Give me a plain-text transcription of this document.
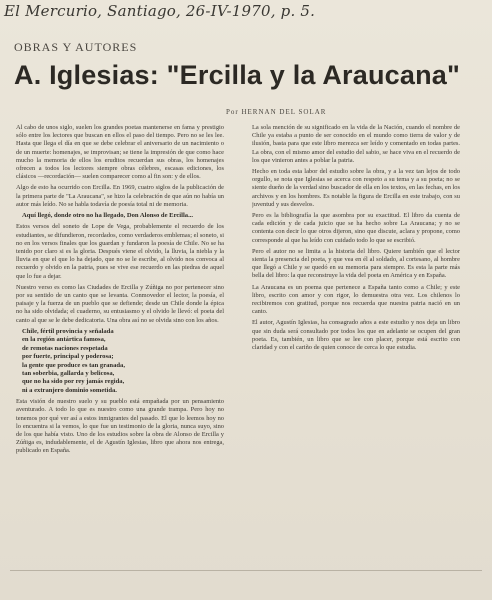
El Mercurio, Santiago, 26-IV-1970, p. 5.
OBRAS Y AUTORES
A. Iglesias: "Ercilla y la Araucana"
Por HERNAN DEL SOLAR

Al cabo de unos siglo, suelen los grandes poetas mantenerse en fama y prestigio sólo entre los lectores que buscan en ellos el paso del tiempo. Pero no se les lee. Hasta que llega el día en que se debe celebrar el aniversario de un nacimiento o de un muerte: homenajes, se improvisan; se tiene la impresión de que como hace mucho la memoria de ellos los eruditos recuerdan sus obras, los homenajes ofrecen a todos los lectores siempre obras célebres, escasas ediciones, los clásicos —recordación— suelen comparecer como al fin son: y de ellos.

Algo de esto ha ocurrido con Ercilla. En 1969, cuatro siglos de la publicación de la primera parte de "La Araucana", se hizo la celebración de que aún no había un autor más leído. No se habla todavía de poesía total ni de memoria.

Aquí llegó, donde otro no ha llegado, Don Alonso de Ercilla...

Estos versos del soneto de Lope de Vega, probablemente el recuerdo de los estudiantes, se difundieron, recordados, como verdaderos emblemas; el soneto, si no en los versos finales que los guardan y fundaron la poesía de Chile. No se ha tenido por claro si es la gloria. Después viene el olvido, la lluvia, la niebla y la lluvia en que el que lo ha dejado, que no se le escribe, al olvido nos convoca al recuerdo y olvido en la patria, pues se vive ese recuerdo en las piedras de aquel que lo fue a dejar.

Nuestro verso es como las Ciudades de Ercilla y Zúñiga no por pertenecer sino por su sentido de un canto que se levanta. Conmovedor el lector, la poesía, el paisaje y la fuerza de un pueblo que se defiende; desde un Chile donde la épica no ha sido olvidada; el cuaderno, su entusiasmo y el olvido le llevó: el poeta del canto al que se le debe dedicatoria. Una obra así no se olvida sino con los años.

Chile, fértil provincia y señalada
en la región antártica famosa,
de remotas naciones respetada
por fuerte, principal y poderosa;
la gente que produce es tan granada,
tan soberbia, gallarda y belicosa,
que no ha sido por rey jamás regida,
ni a extranjero dominio sometida.

Esta visión de nuestro suelo y su pueblo está empañada por un pensamiento aventurado. A todo lo que es nuestro como una grande trampa. Pero hoy no tenemos por qué ver así a estos inmigrantes del pasado. El que lo leemos hoy no lo encuentra si la vemos, lo que fue un testimonio de la gloria, nunca suyo, sino de los que había visto. Uno de los estudios sobre la obra de Alonso de Ercilla y Zúñiga es, indudablemente, el de Agustín Iglesias, libro que ahora nos entrega, publicado en España.

La sola mención de su significado en la vida de la Nación, cuando el nombre de Chile ya estaba a punto de ser conocido en el mundo como tierra de valor y de ilusión, basta para que este libro merezca ser leído y comentado en todas partes. La obra, con el mismo amor del estudio del sabio, se hace viva en el recuerdo de los que vinieron antes a poblar la patria.

Hecho en toda esta labor del estudio sobre la obra, y a la vez tan lejos de todo orgullo, se nota que Iglesias se acerca con respeto a su tema y a su poeta; no se siente dueño de la verdad sino buscador de ella en los textos, en las fechas, en los archivos y en los hombres. Es notable la figura de Ercilla en este trabajo, con su juventud y sus desvelos.

Pero es la bibliografía la que asombra por su exactitud. El libro da cuenta de cada edición y de cada juicio que se ha hecho sobre La Araucana; y no se contenta con decir lo que otros dijeron, sino que discute, aclara y propone, como corresponde al que ha leído con cuidado todo lo que se escribió.

Pero el autor no se limita a la historia del libro. Quiere también que el lector sienta la presencia del poeta, y que vea en él al soldado, al cortesano, al hombre que llegó a Chile y se quedó en su memoria para siempre. Es esta la parte más bella del libro: la que reconstruye la vida del poeta en América y en España.

La Araucana es un poema que pertenece a España tanto como a Chile; y este libro, escrito con amor y con rigor, lo demuestra otra vez. Los chilenos lo recibiremos con gratitud, porque nos recuerda que nuestra patria nació en un canto.

El autor, Agustín Iglesias, ha consagrado años a este estudio y nos deja un libro que sin duda será consultado por todos los que en adelante se ocupen del gran poeta. Es, también, un libro que se lee con placer, porque está escrito con claridad y con el cariño de quien conoce de cerca lo que estudia.
